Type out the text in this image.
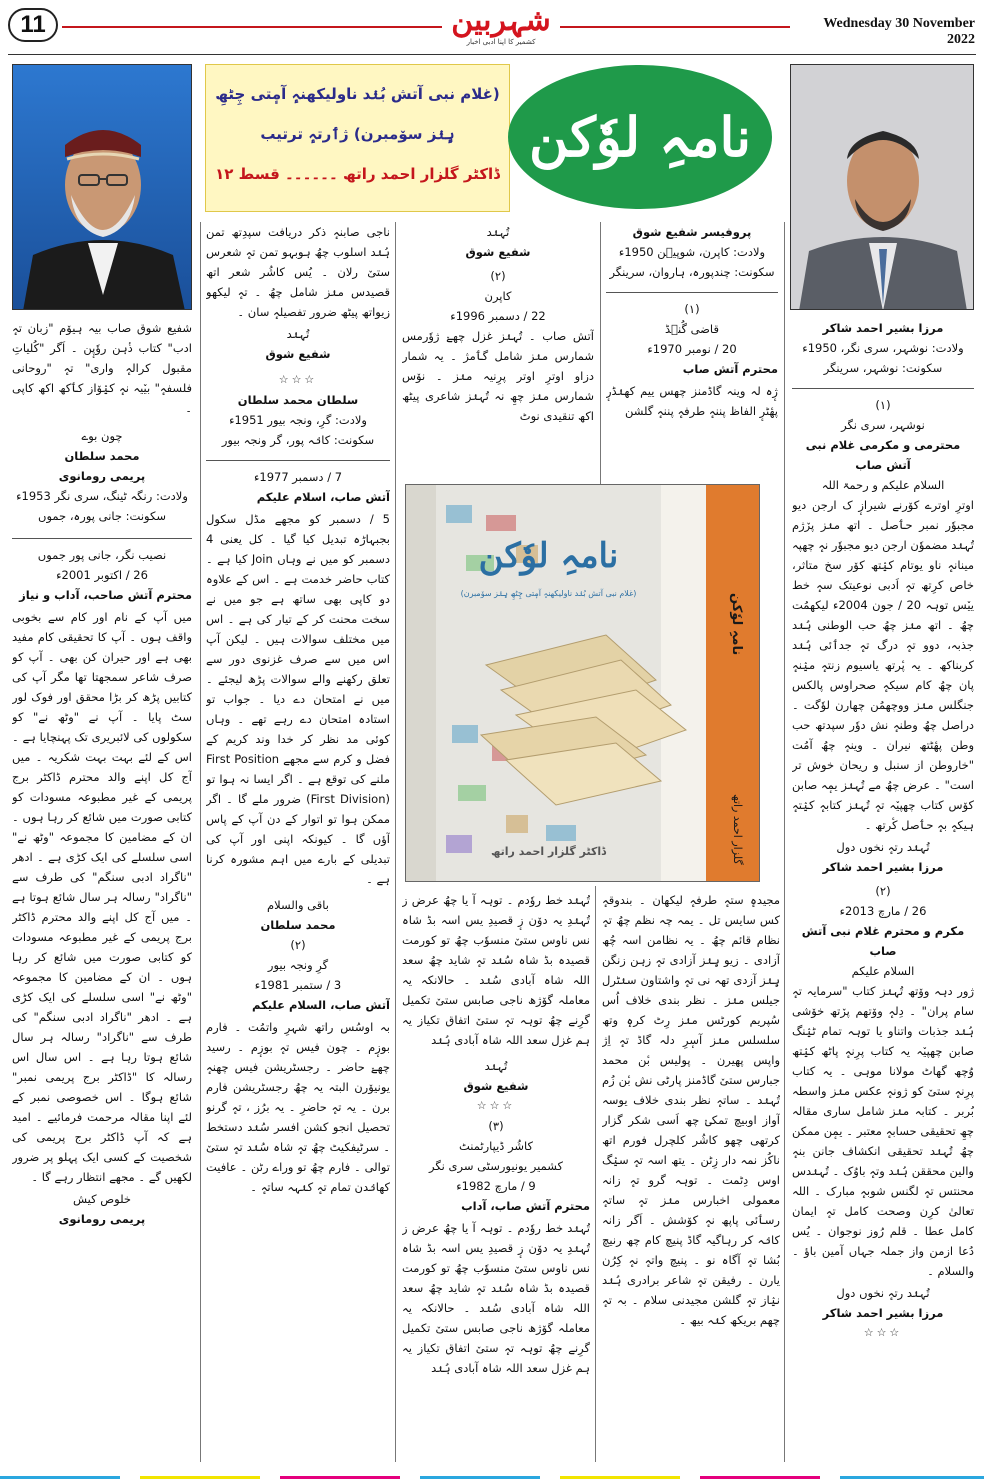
11	شہربین
کشمیر کا اپنا ادبی اخبار
Wednesday 30 November 2022
(غلام نبی آتش بُنٛد ناولیکھنہٕ آمٕتی چِٹھِ
ہٕنٛز سۆمبرن) ژٲرتہٕ ترتیب
ڈاکٹر گلزار احمد راتھ ۔۔۔۔۔۔ قسط ۱۲
نامہِ لوٗکن

شفیع شوق صاب بیہ ہیوٚم "زبان تہٕ ادب" کتاب ذٔہن روٗپٕن ۔ اَگر "کُلیاتِ مقبول کرالہٕ واری" تہٕ "روحانی فلسفہٕ" بیٚیہ نہٕ کیٛوٚاز کٲکھ اکھ کاپی ۔

چون بوے
محمد سلطان
پریمی رومانوی
ولادت: رنگہ ٹینگ، سری نگر 1953ء
سکونت: جانی پورہ، جموں
نصیب نگر، جانی پور جموں
26 / اکتوبر 2001ء

محترم آتش صاحب، آداب و نیاز

میں آپ کے نام اور کام سے بخوبی واقف ہوں ۔ آپ کا تحقیقی کام مفید بھی ہے اور حیران کن بھی ۔ آپ کو صرف شاعر سمجھتا تھا مگر آپ کی کتابیں پڑھ کر بڑا محقق اور فوک لور سٹ پایا ۔ آپ نے "وٹھ نے" کو سکولوں کی لائبریری تک پہنچایا ہے ۔ اس کے لئے بہت بہت شکریہ ۔ میں آج کل اپنے والد محترم ڈاکٹر برج پریمی کے غیر مطبوعہ مسودات کو کتابی صورت میں شائع کر رہا ہوں ۔ ان کے مضامین کا مجموعہ "وٹھ نے" اسی سلسلے کی ایک کڑی ہے ۔ ادھر "ناگراد ادبی سنگم" کی طرف سے "ناگراد" رسالہ ہر سال شائع ہوتا ہے ۔ میں آج کل اپنے والد محترم ڈاکٹر برج پریمی کے غیر مطبوعہ مسودات کو کتابی صورت میں شائع کر رہا ہوں ۔ ان کے مضامین کا مجموعہ "وٹھ نے" اسی سلسلے کی ایک کڑی ہے ۔ ادھر "ناگراد ادبی سنگم" کی طرف سے "ناگراد" رسالہ ہر سال شائع ہوتا رہا ہے ۔ اس سال اس رسالہ کا "ڈاکٹر برج پریمی نمبر" شائع ہوگا ۔ اس خصوصی نمبر کے لئے اپنا مقالہ مرحمت فرمائیے ۔ امید ہے کہ آپ ڈاکٹر برج پریمی کی شخصیت کے کسی ایک پہلو پر ضرور لکھیں گے ۔ مجھے انتظار رہے گا ۔

خلوص کیش
پریمی رومانوی

ناجی صابنہٕ ذکر دریافت سپدِتھ تمن ہُنٛد اسلوب چھُ ہوبہو تمن تہٕ شعرس ستیٚ رلان ۔ یُس کاشُر شعر اتھ قصیدس منٛز شامل چھُ ۔ تہٕ لیکھو زیواتھ پیٹھ ضرور تفصیلہٕ سان ۔

تُہنٛد
شفیع شوق
☆☆☆
سلطان محمد سلطان
ولادت: گرِ، ونجہ بیور 1951ء
سکونت: کانٛہ پور، گر ونجہ بیور
7 / دسمبر 1977ء

آتش صاب، اسلام علیکم

5 / دسمبر کو مجھے مڈل سکول بجبہاڑہ تبدیل کیا گیا ۔ کل یعنی 4 دسمبر کو میں نے وہاں Join کیا ہے ۔ کتاب حاضر خدمت ہے ۔ اس کے علاوہ دو کاپی بھی ساتھ ہے جو میں نے سخت محنت کر کے تیار کی ہے ۔ اس میں مختلف سوالات ہیں ۔ لیکن آپ اس میں سے صرف غزنوی دور سے تعلق رکھنے والے سوالات پڑھ لیجئے ۔ میں نے امتحان دے دیا ۔ جواب تو استادہ امتحان دے رہے تھے ۔ وہاں کوئی مد نظر کر خدا وند کریم کے فضل و کرم سے مجھے First Position ملنے کی توقع ہے ۔ اگر ایسا نہ ہوا تو (First Division) ضرور ملے گا ۔ اگر ممکن ہوا تو اتوار کے دن آپ کے پاس آؤں گا ۔ کیونکہ اپنی اور آپ کی تبدیلی کے بارے میں اہم مشورہ کرنا ہے ۔

باقی والسلام
محمد سلطان
(۲)
گرِ ونجہ بیور
3 / ستمبر 1981ء

آتش صاب، السلام علیکم

بہ اوسُس راتھ شہرِ واتمُت ۔ فارم بوزٕم ۔ چون فیس تہٕ بوزٕم ۔ رسید چھےٚ حاضر ۔ رجسٹریشن فیس چھنہٕ یونیوٚرن البتہ یہ چھُ رجسٹریشن فارم برن ۔ یہ تہٕ حاضرِ ۔ یہ برُز ، تہٕ گرنو تحصیل انجو کشن افسر سُنٛد دستخط ۔ سرٹیفکیٹ چھُ تہٕ شاہ سُنٛد تہٕ ستیٚ توالی ۔ فارم چھُ تو وراے رٹن ۔ عافیت کھانٛدن تمام تہٕ کنٛہہ ساتہٕ ۔

تُہنٛد
شفیع شوق
(۲)
کاپرن
22 / دسمبر 1996ء

آتش صاب ۔ تُہنٛز غزل چھےٚ ژوٗرمس شمارس منٛز شامل گٲمژ ۔ یہ شمار دزاو اوترِ اوتر پرِنیہ منٛز ۔ نوٚس شمارس منٛز چھِ نہ تُہنٛز شاعری پیٹھ اکھ تنقیدی نوٹ

پروفیسر شفیع شوق
ولادت: کاپرن، شوپیٛن 1950ء
سکونت: چندپورہ، ہاروان، سرینگر
(۱)
قاضی گُنٛڈ
20 / نومبر 1970ء

محترم آتش صاب

ژٕہ لہ وینہ گاڈمنز چھس ییم کھنٛڈرٕ پھٔٹرٕ الفاظ پننہٕ طرفہٕ پننہٕ گلشن

نامہِ لوٗکن
(غلام نبی آتش بُنٛد ناولیکھنہٕ آمٕتی چِٹھِ ہٕنٛز سۆمبرن)
ڈاکٹر گلزار احمد راتھ
نامہِ لوٗکن
گلزار احمد راتھ

تُہنٛد خط روٗدم ۔ توہہ آ یا چھُ عرض ز تُہنٛدِ یہ دوٚن زٕ قصیدِ یس اسہ بڈ شاہ نس ناوس ستیٚ منسوٗب چھُ تو کورمت قصیدہ بڈ شاہ سُنٛد تہٕ شاید چھُ سعد اللہ شاہ آبادی سُنٛد ۔ حالانکہ یہ معاملہ گوٚژھ ناجی صابس ستیٚ تکمیل گرِنے چھُ توہہ تہٕ ستیٚ اتفاق تکیاز یہ ہم غزل سعد اللہ شاہ آبادی ہُنٛد

تُہنٛد
شفیع شوق
☆☆☆
(۳)
کاشُر ڈیپارٹمنٹ
کشمیر یونیورسٹی سری نگر
9 / مارچ 1982ء

محترم آتش صاب، آداب

تُہنٛد خط روٗدم ۔ توہہ آ یا چھُ عرض ز تُہنٛدِ یہ دوٚن زٕ قصیدِ یس اسہ بڈ شاہ نس ناوس ستیٚ منسوٗب چھُ تو کورمت قصیدہ بڈ شاہ سُنٛد تہٕ شاید چھُ سعد اللہ شاہ آبادی سُنٛد ۔ حالانکہ یہ معاملہ گوٚژھ ناجی صابس ستیٚ تکمیل گرِنے چھُ توہہ تہٕ ستیٚ اتفاق تکیاز یہ ہم غزل سعد اللہ شاہ آبادی ہُنٛد

مجیدہٕ ستہٕ طرفہٕ لیکھان ۔ بندوقہٕ کس سایس تل ۔ یمہ چہ نظم چھُ تہٕ نظام قائم چھُ ۔ یہ نظامن اسہ چُھ آزادی ۔ زیو ہٕنٛز آزادی تہٕ زہن زنگن ہٕنٛز آزدی تھہ نی تہٕ واشتاون سنٛٹرل جیلس منٛز ۔ نظر بندی خلاف اُس سُپریم کورٹس منٛز رِٹ کرہٕ وتھ سلسلس منٛز آسٕرِ دلہ گاڈ تہٕ اِژ واپس پھیرن ۔ پولیس بٔن محمد جبارس ستیٚ گاڈمنز پارٹی نش بٔن زُم تُہنٛد ۔ ساتہٕ نظر بندی خلاف یوسہ آواز اوبیچ تمکیٛ چھ اَسی شکر گزار کرتھی چھو کاشُر کلچرل فورم اتھ ناکُز نمہ دار زِٹن ۔ یتھ اسہ تہٕ سیٛگ اوس دِٹمت ۔ توہہ گرو تہٕ زانہ معمولی اخبارس منٛز تہٕ ساتہٕ رسٲئی پاپھ نہٕ کوٚشش ۔ اَگر زانہ کانٛہ کر رہاگیہ گاڈ پنیچ کام چھ رنیچ بُشا تہٕ آگاہ نو ۔ پنیچ واتہٕ نہٕ کِرُن یارن ۔ رفیقن تہٕ شاعر برادری ہُنٛد نیٛاز تہٕ گلشن مجیدنی سلام ۔ بہ تہٕ چھم بریکھ کنٛہ بیھ ۔

مرزا بشیر احمد شاکر
ولادت: نوشہر، سری نگر، 1950ء
سکونت: نوشہر، سرینگر
(۱)
نوشہر، سری نگر
محترمی و مکرمی غلام نبی آتش صاب
السلام علیکم و رحمۃ اللہ

اوترِ اوترے کوٚرنے شیرازٕ ک ارجن دیو مجبوٗر نمبر حٲصل ۔ اتھ منٛز پرٚژم تُہنٛد مضموٗن ارجن دیو مجبوٗر نہٕ چھپہ مینانہٕ ناو یوتام کیٛتھ کوٚر سخ متاثر، خاص کرِتھ تہٕ اَدبی نوعیتک سہٕ خط ییٚس توہہ 20 / جون 2004ء لیکھمُت چھُ ۔ اتھ منٛز چھُ حب الوطنی ہُنٛد جذبہ، دوو تہٕ درگ تہٕ جدٲئی ہُنٛد کربناکھ ۔ یہ پٔرتھ یاسیوم زنتہٕ میٛنہٕ پان چھُ کام سیکہٕ صحراوس پالکس جنگلس منٛز ووچھمُن چھارن لوٗگت ۔ دراصل چھُ وطنہٕ نش دوٗر سپدتھ حب وطن پھٔٹتھ نیران ۔ وینہٕ چھُ آمُت "خاروطن از سنبل و ریحان خوش تر است" ۔ عرض چھُ مے تُہنٛز یمٕہ صابن کوٚس کتاب چھپیٚہ تہٕ تُہنٛز کتابہٕ کیٛتہٕ ہیکہٕ بہٕ حٲصل کٔرتھ ۔

تُہنٛد رتہٕ نخوں دول
مرزا بشیر احمد شاکر
(۲)
26 / مارچ 2013ء
مکرم و محترم غلام نبی آتش صاب
السلام علیکم

ژور دہہ ووٚتھ تُہنٛز کتاب "سرمایہ تہٕ سام پران" ۔ دِلہٕ ووٚتھم پرٚتھ خوٚشی ہُنٛد جذبات واتناو یا توہہ تمام ٹیٛنگ صابن چھپیٚہ یہ کتاب پرِنہٕ پاٹھ کیٛتھ وُچھ گھاٹ مولانا موہی ۔ یہ کتاب پرِنہٕ ستیٚ کو ژونہٕ عکس منٛز واسطہ بُربر ۔ کتابہ منٛز شامل ساری مقالہ چھِ تحقیقی حسابہٕ معتبر ۔ یمٕن ممکن چھُ تُہنٛد تحقیقی انکشاف جانن بنہٕ والین محققن ہُنٛد وتہٕ باوُک ۔ تُہنٛدس محنتس تہٕ لگنس شوبہٕ مبارک ۔ اللہ تعالیٰ کرِن وصحت کامل تہٕ ایمان کامل عطا ۔ قلم رُوز نوجوان ۔ یُس دُعا ازمن واز جملہ جہاں آمین باؤ ۔ والسلام ۔

تُہنٛد رتہٕ نخوں دول
مرزا بشیر احمد شاکر
☆☆☆
